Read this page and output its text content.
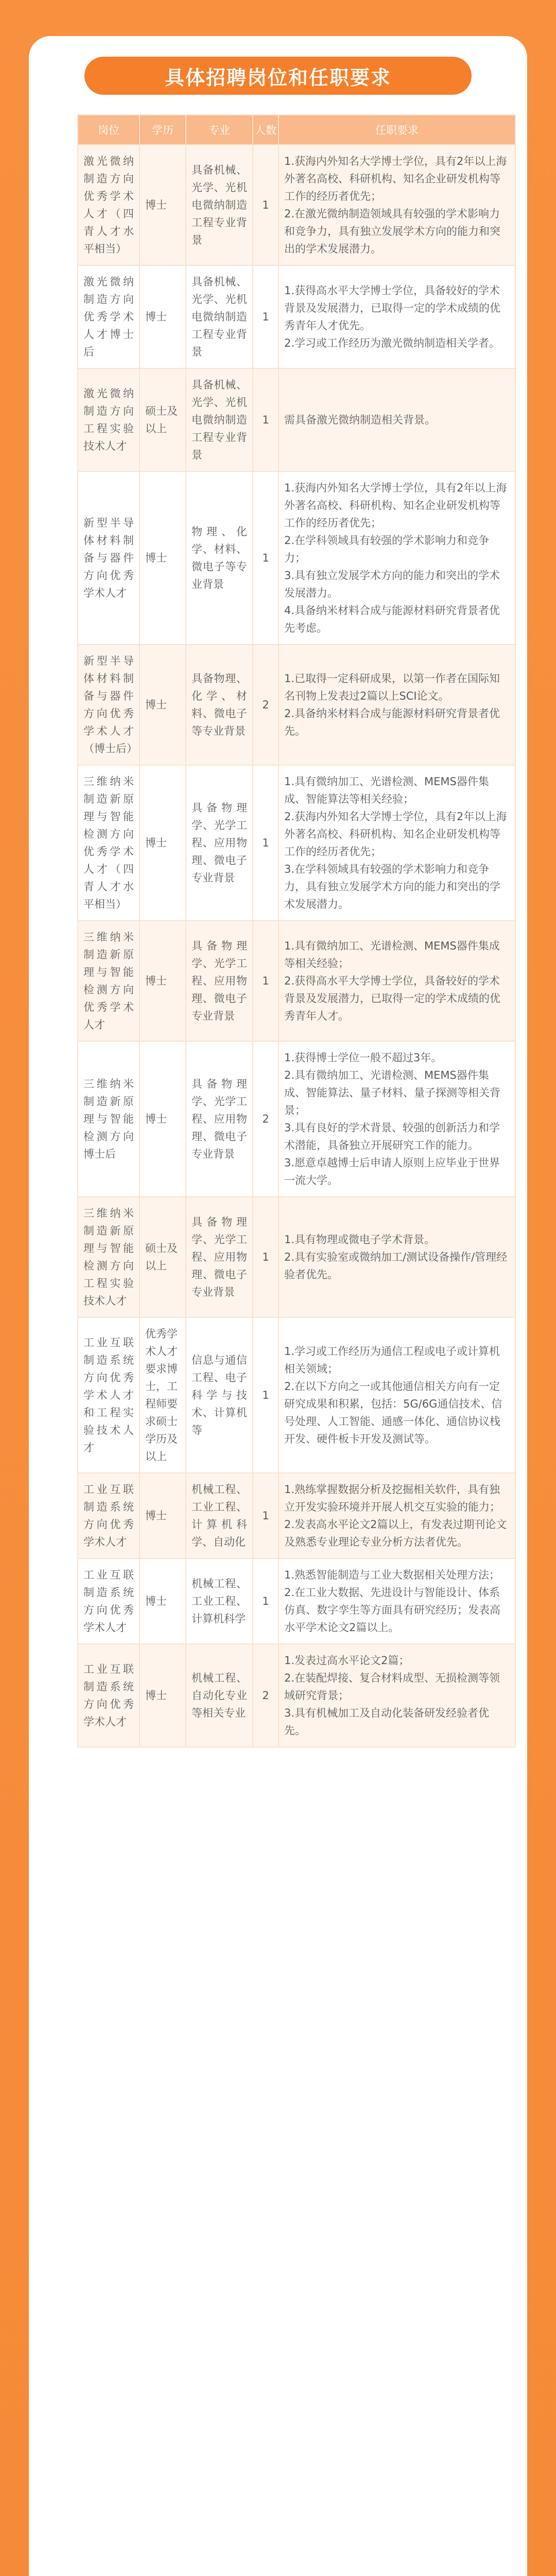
具体招聘岗位和任职要求
岗位	学历	专业	人数	任职要求
激光微纳制造方向优秀学术人才（四青人才水平相当）	博士	具备机械、光学、光机电微纳制造工程专业背景	1	1.获海内外知名大学博士学位，具有2年以上海外著名高校、科研机构、知名企业研发机构等工作的经历者优先；
2.在激光微纳制造领域具有较强的学术影响力和竞争力，具有独立发展学术方向的能力和突出的学术发展潜力。
激光微纳制造方向优秀学术人才博士后	博士	具备机械、光学、光机电微纳制造工程专业背景	1	1.获得高水平大学博士学位，具备较好的学术背景及发展潜力，已取得一定的学术成绩的优秀青年人才优先。
2.学习或工作经历为激光微纳制造相关学者。
激光微纳制造方向工程实验技术人才	硕士及以上	具备机械、光学、光机电微纳制造工程专业背景	1	需具备激光微纳制造相关背景。
新型半导体材料制备与器件方向优秀学术人才	博士	物理、化学、材料、微电子等专业背景	1	1.获海内外知名大学博士学位，具有2年以上海外著名高校、科研机构、知名企业研发机构等工作的经历者优先；
2.在学科领域具有较强的学术影响力和竞争力；
3.具有独立发展学术方向的能力和突出的学术发展潜力。
4.具备纳米材料合成与能源材料研究背景者优先考虑。
新型半导体材料制备与器件方向优秀学术人才（博士后）	博士	具备物理、化学、材料、微电子等专业背景	2	1.已取得一定科研成果，以第一作者在国际知名刊物上发表过2篇以上SCI论文。
2.具备纳米材料合成与能源材料研究背景者优先。
三维纳米制造新原理与智能检测方向优秀学术人才（四青人才水平相当）	博士	具备物理学、光学工程、应用物理、微电子专业背景	1	1.具有微纳加工、光谱检测、MEMS器件集成、智能算法等相关经验；
2.获海内外知名大学博士学位，具有2年以上海外著名高校、科研机构、知名企业研发机构等工作的经历者优先；
3.在学科领域具有较强的学术影响力和竞争力，具有独立发展学术方向的能力和突出的学术发展潜力。
三维纳米制造新原理与智能检测方向优秀学术人才	博士	具备物理学、光学工程、应用物理、微电子专业背景	1	1.具有微纳加工、光谱检测、MEMS器件集成等相关经验；
2.获得高水平大学博士学位，具备较好的学术背景及发展潜力，已取得一定的学术成绩的优秀青年人才。
三维纳米制造新原理与智能检测方向博士后	博士	具备物理学、光学工程、应用物理、微电子专业背景	2	1.获得博士学位一般不超过3年。
2.具有微纳加工、光谱检测、MEMS器件集成、智能算法、量子材料、量子探测等相关背景；
3.具有良好的学术背景、较强的创新活力和学术潜能，具备独立开展研究工作的能力。
3.愿意卓越博士后申请人原则上应毕业于世界一流大学。
三维纳米制造新原理与智能检测方向工程实验技术人才	硕士及以上	具备物理学、光学工程、应用物理、微电子专业背景	1	1.具有物理或微电子学术背景。
2.具有实验室或微纳加工/测试设备操作/管理经验者优先。
工业互联制造系统方向优秀学术人才和工程实验技术人才	优秀学术人才要求博士，工程师要求硕士学历及以上	信息与通信工程、电子科学与技术、计算机等	1	1.学习或工作经历为通信工程或电子或计算机相关领域；
2.在以下方向之一或其他通信相关方向有一定研究成果和积累，包括：5G/6G通信技术、信号处理、人工智能、通感一体化、通信协议栈开发、硬件板卡开发及测试等。
工业互联制造系统方向优秀学术人才	博士	机械工程、工业工程、计算机科学、自动化	1	1.熟练掌握数据分析及挖掘相关软件，具有独立开发实验环境并开展人机交互实验的能力；
2.发表高水平论文2篇以上，有发表过期刊论文及熟悉专业理论专业分析方法者优先。
工业互联制造系统方向优秀学术人才	博士	机械工程、工业工程、计算机科学	1	1.熟悉智能制造与工业大数据相关处理方法；
2.在工业大数据、先进设计与智能设计、体系仿真、数字孪生等方面具有研究经历；发表高水平学术论文2篇以上。
工业互联制造系统方向优秀学术人才	博士	机械工程、自动化专业等相关专业	2	1.发表过高水平论文2篇；
2.在装配焊接、复合材料成型、无损检测等领域研究背景；
3.具有机械加工及自动化装备研发经验者优先。
